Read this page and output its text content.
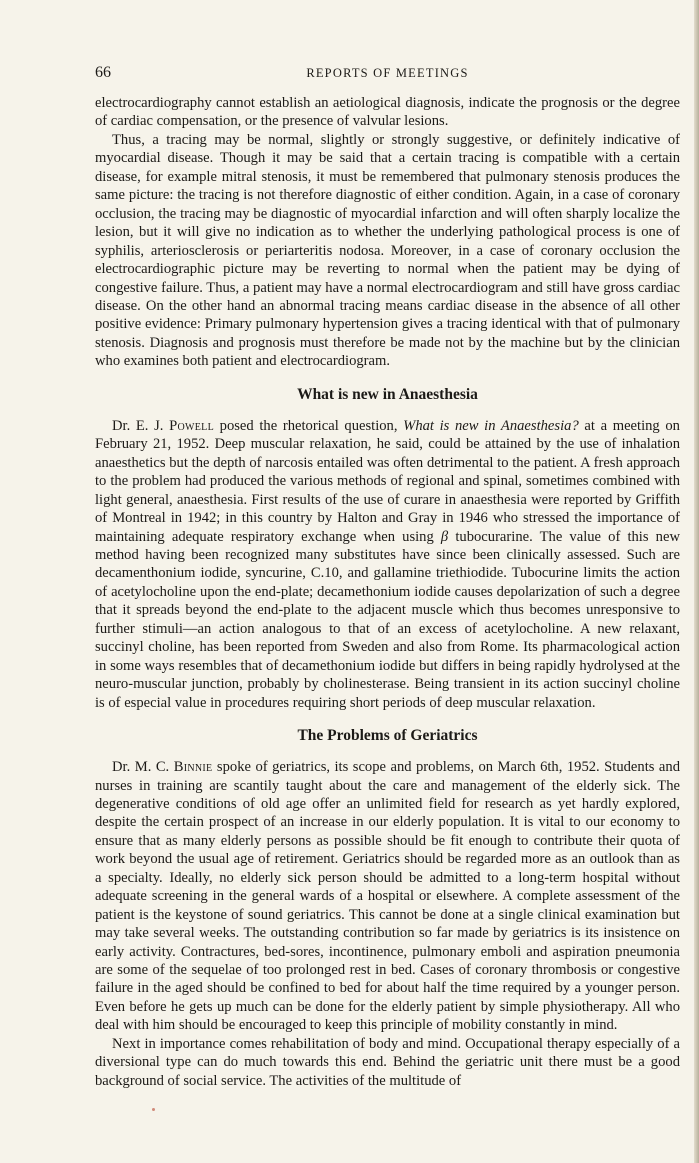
66	REPORTS OF MEETINGS

electrocardiography cannot establish an aetiological diagnosis, indicate the prognosis or the degree of cardiac compensation, or the presence of valvular lesions.

Thus, a tracing may be normal, slightly or strongly suggestive, or definitely indicative of myocardial disease. Though it may be said that a certain tracing is compatible with a certain disease, for example mitral stenosis, it must be remembered that pulmonary stenosis produces the same picture: the tracing is not therefore diagnostic of either condition. Again, in a case of coronary occlusion, the tracing may be diagnostic of myocardial infarction and will often sharply localize the lesion, but it will give no indication as to whether the underlying pathological process is one of syphilis, arteriosclerosis or periarteritis nodosa. Moreover, in a case of coronary occlusion the electrocardiographic picture may be reverting to normal when the patient may be dying of congestive failure. Thus, a patient may have a normal electrocardiogram and still have gross cardiac disease. On the other hand an abnormal tracing means cardiac disease in the absence of all other positive evidence: Primary pulmonary hypertension gives a tracing identical with that of pulmonary stenosis. Diagnosis and prognosis must therefore be made not by the machine but by the clinician who examines both patient and electrocardiogram.

What is new in Anaesthesia

Dr. E. J. Powell posed the rhetorical question, What is new in Anaesthesia? at a meeting on February 21, 1952. Deep muscular relaxation, he said, could be attained by the use of inhalation anaesthetics but the depth of narcosis entailed was often detrimental to the patient. A fresh approach to the problem had produced the various methods of regional and spinal, sometimes combined with light general, anaesthesia. First results of the use of curare in anaesthesia were reported by Griffith of Montreal in 1942; in this country by Halton and Gray in 1946 who stressed the importance of maintaining adequate respiratory exchange when using β tubocurarine. The value of this new method having been recognized many substitutes have since been clinically assessed. Such are decamenthonium iodide, syncurine, C.10, and gallamine triethiodide. Tubocurine limits the action of acetylocholine upon the end-plate; decamethonium iodide causes depolarization of such a degree that it spreads beyond the end-plate to the adjacent muscle which thus becomes unresponsive to further stimuli—an action analogous to that of an excess of acetylocholine. A new relaxant, succinyl choline, has been reported from Sweden and also from Rome. Its pharmacological action in some ways resembles that of decamethonium iodide but differs in being rapidly hydrolysed at the neuro-muscular junction, probably by cholinesterase. Being transient in its action succinyl choline is of especial value in procedures requiring short periods of deep muscular relaxation.

The Problems of Geriatrics

Dr. M. C. Binnie spoke of geriatrics, its scope and problems, on March 6th, 1952. Students and nurses in training are scantily taught about the care and management of the elderly sick. The degenerative conditions of old age offer an unlimited field for research as yet hardly explored, despite the certain prospect of an increase in our elderly population. It is vital to our economy to ensure that as many elderly persons as possible should be fit enough to contribute their quota of work beyond the usual age of retirement. Geriatrics should be regarded more as an outlook than as a specialty. Ideally, no elderly sick person should be admitted to a long-term hospital without adequate screening in the general wards of a hospital or elsewhere. A complete assessment of the patient is the keystone of sound geriatrics. This cannot be done at a single clinical examination but may take several weeks. The outstanding contribution so far made by geriatrics is its insistence on early activity. Contractures, bed-sores, incontinence, pulmonary emboli and aspiration pneumonia are some of the sequelae of too prolonged rest in bed. Cases of coronary thrombosis or congestive failure in the aged should be confined to bed for about half the time required by a younger person. Even before he gets up much can be done for the elderly patient by simple physiotherapy. All who deal with him should be encouraged to keep this principle of mobility constantly in mind.

Next in importance comes rehabilitation of body and mind. Occupational therapy especially of a diversional type can do much towards this end. Behind the geriatric unit there must be a good background of social service. The activities of the multitude of
